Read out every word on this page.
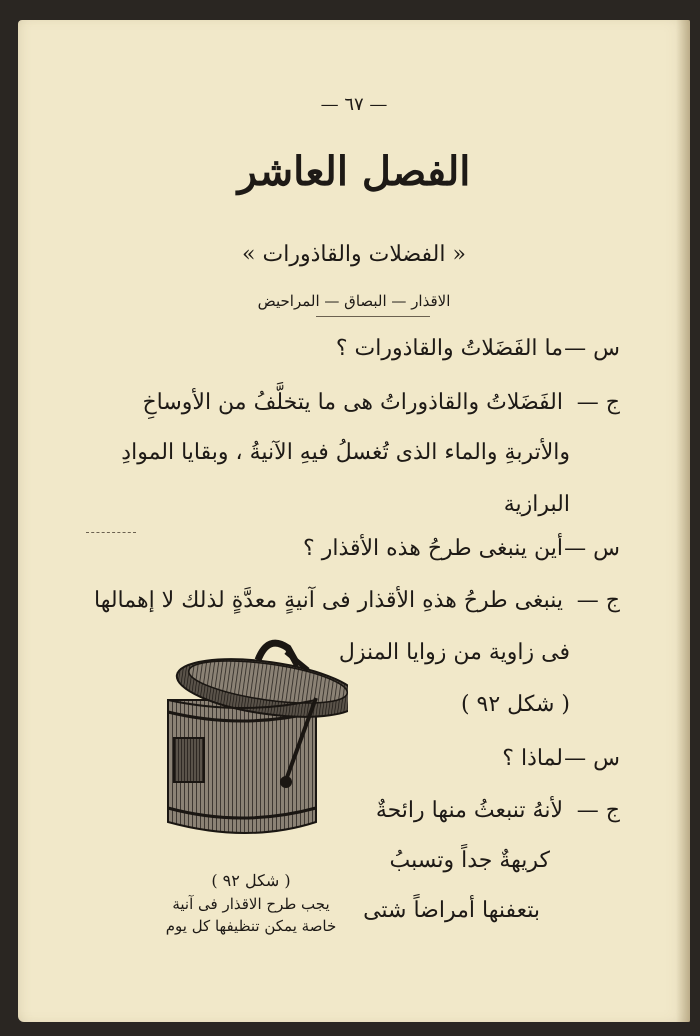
— ٦٧ —
الفصل العاشر
« الفضلات والقاذورات »
الاقذار — البصاق — المراحيض
س — ما الفَضَلاتُ والقاذورات ؟
ج — الفَضَلاتُ والقاذوراتُ هى ما يتخلَّفُ من الأوساخِ
والأتربةِ والماء الذى تُغسلُ فيهِ الآنيةُ ، وبقايا الموادِ
البرازية
س — أين ينبغى طرحُ هذه الأقذار ؟
ج — ينبغى طرحُ هذهِ الأقذار فى آنيةٍ معدَّةٍ لذلك لا إهمالها
فى زاوية من زوايا المنزل
( شكل ٩٢ )
س — لماذا ؟
ج — لأنهُ تنبعثُ منها رائحةٌ
كريهةٌ جداً وتسببُ
بتعفنها أمراضاً شتى
( شكل ٩٢ )
يجب طرح الاقذار فى آنية
خاصة يمكن تنظيفها كل يوم
